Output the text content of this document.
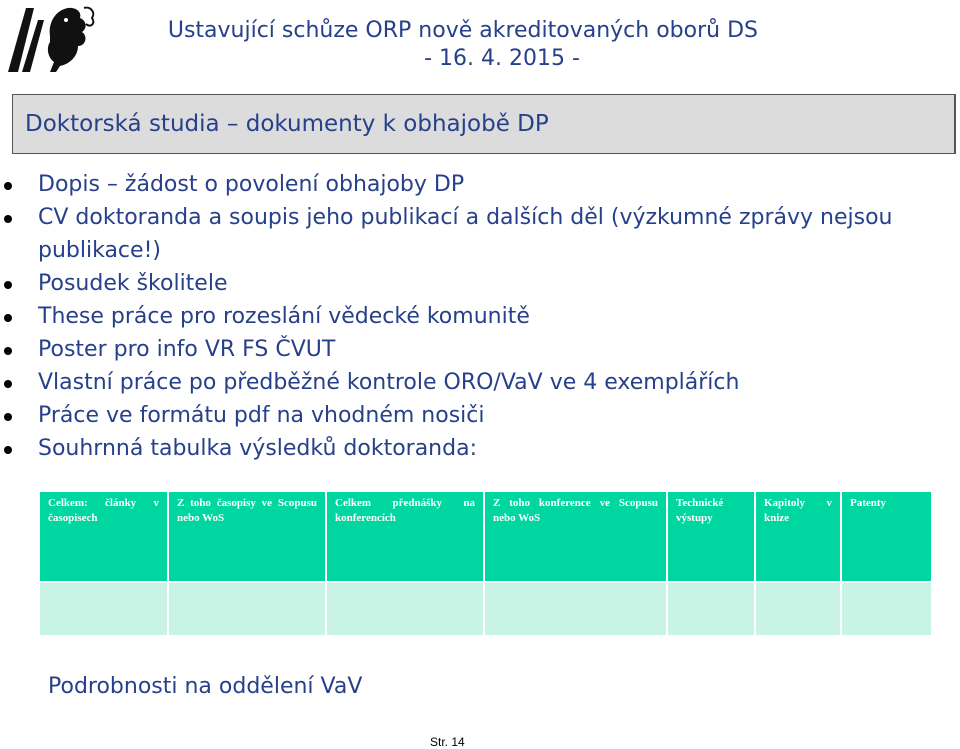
Ustavující schůze ORP nově akreditovaných oborů DS
- 16. 4. 2015 -
Doktorská studia – dokumenty k obhajobě DP
Dopis – žádost o povolení obhajoby DP
CV doktoranda a soupis jeho publikací a dalších děl (výzkumné zprávy nejsou publikace!)
Posudek školitele
These práce pro rozeslání vědecké komunitě
Poster pro info VR FS ČVUT
Vlastní práce po předběžné kontrole ORO/VaV ve 4 exemplářích
Práce ve formátu pdf na vhodném nosiči
Souhrnná tabulka výsledků doktoranda:
Celkem: články v časopisech	Z toho časopisy ve Scopusu nebo WoS	Celkem přednášky na konferencích	Z toho konference ve Scopusu nebo WoS	Technické výstupy	Kapitoly v knize	Patenty

Podrobnosti na oddělení VaV
Str. 14
